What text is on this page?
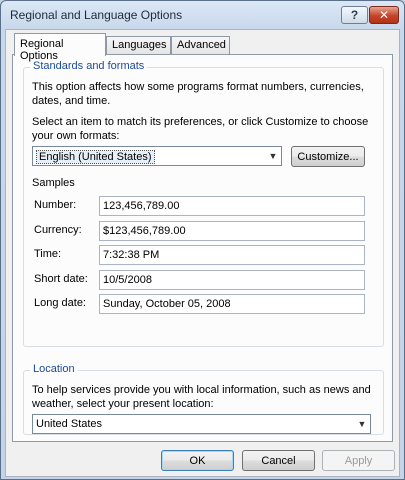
Regional and Language Options	? ✕
Regional Options
Languages Advanced
Standards and formats
This option affects how some programs format numbers, currencies, dates, and time.
Select an item to match its preferences, or click Customize to choose your own formats:
English (United States)	▼	Customize...
Samples
Number:	123,456,789.00
Currency:	$123,456,789.00
Time:	7:32:38 PM
Short date:	10/5/2008
Long date:	Sunday, October 05, 2008
Location
To help services provide you with local information, such as news and weather, select your present location:
United States	▼
OK	Cancel	Apply
